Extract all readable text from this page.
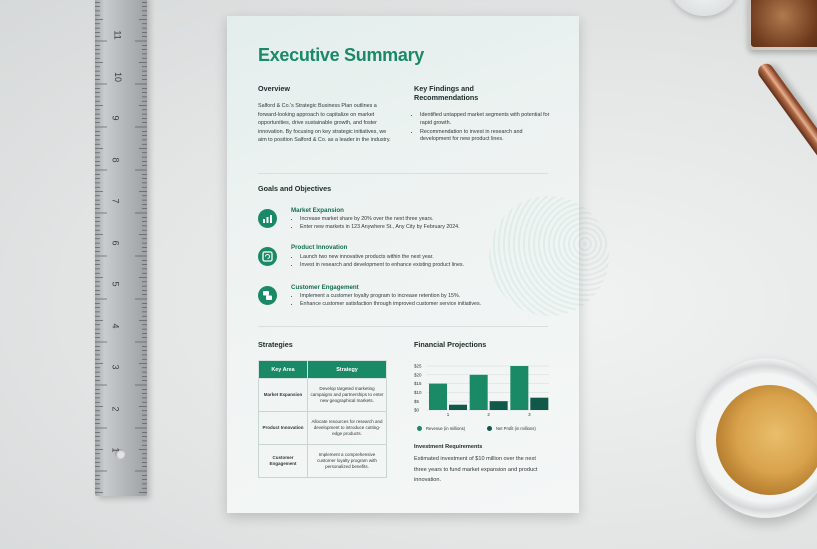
11
10
9
8
7
6
5
4
3
2
1
Executive Summary
Overview
Salford & Co.'s Strategic Business Plan outlines a forward-looking approach to capitalize on market opportunities, drive sustainable growth, and foster innovation. By focusing on key strategic initiatives, we aim to position Salford & Co. as a leader in the industry.
Key Findings and
Recommendations
• Identified untapped market segments with potential for rapid growth.
• Recommendation to invest in research and development for new product lines.
Goals and Objectives
Market Expansion
• Increase market share by 20% over the next three years.
• Enter new markets in 123 Anywhere St., Any City by February 2024.
Product Innovation
• Launch two new innovative products within the next year.
• Invest in research and development to enhance existing product lines.
Customer Engagement
• Implement a customer loyalty program to increase retention by 15%.
• Enhance customer satisfaction through improved customer service initiatives.
Strategies
Key Area	Strategy
Market Expansion	Develop targeted marketing campaigns and partnerships to enter new geographical markets.
Product Innovation	Allocate resources for research and development to introduce cutting-edge products.
Customer Engagement	Implement a comprehensive customer loyalty program with personalized benefits.
Financial Projections
$0
$5
$10
$15
$20
$25
1	2	3
Revenue (in millions)	Net Profit (in millions)
Investment Requirements
Estimated investment of $10 million over the next three years to fund market expansion and product innovation.
